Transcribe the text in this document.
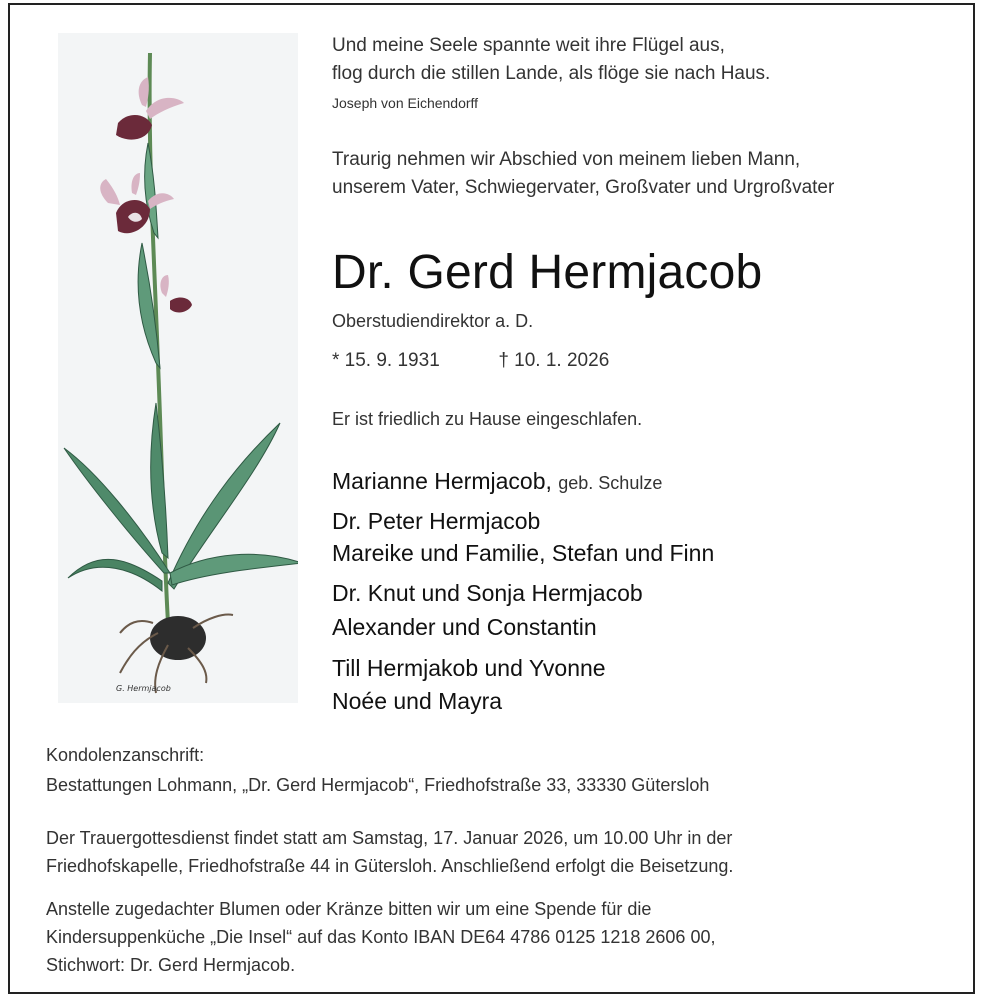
G. Hermjacob
Und meine Seele spannte weit ihre Flügel aus,
flog durch die stillen Lande, als flöge sie nach Haus.
Joseph von Eichendorff
Traurig nehmen wir Abschied von meinem lieben Mann,
unserem Vater, Schwiegervater, Großvater und Urgroßvater
Dr. Gerd Hermjacob
Oberstudiendirektor a. D.
* 15. 9. 1931	† 10. 1. 2026
Er ist friedlich zu Hause eingeschlafen.
Marianne Hermjacob, geb. Schulze
Dr. Peter Hermjacob
Mareike und Familie, Stefan und Finn
Dr. Knut und Sonja Hermjacob
Alexander und Constantin
Till Hermjakob und Yvonne
Noée und Mayra
Kondolenzanschrift:
Bestattungen Lohmann, „Dr. Gerd Hermjacob“, Friedhofstraße 33, 33330 Gütersloh
Der Trauergottesdienst findet statt am Samstag, 17. Januar 2026, um 10.00 Uhr in der
Friedhofskapelle, Friedhofstraße 44 in Gütersloh. Anschließend erfolgt die Beisetzung.
Anstelle zugedachter Blumen oder Kränze bitten wir um eine Spende für die
Kindersuppenküche „Die Insel“ auf das Konto IBAN DE64 4786 0125 1218 2606 00,
Stichwort: Dr. Gerd Hermjacob.
